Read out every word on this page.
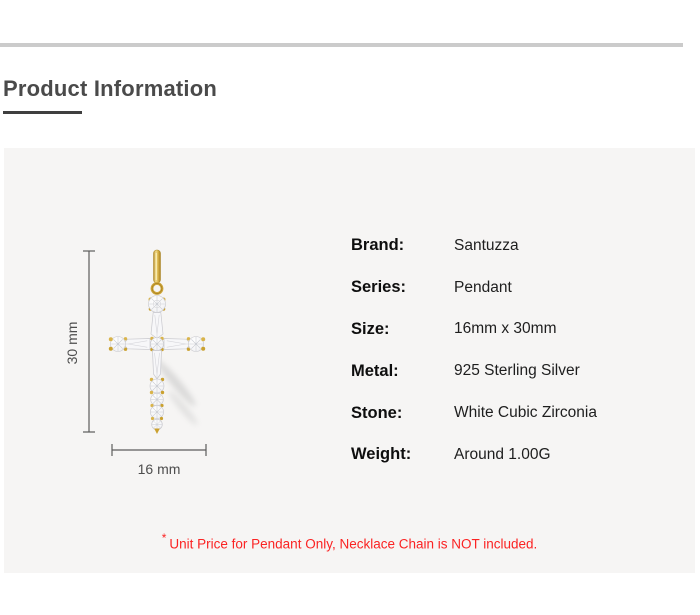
Product Information
30 mm
16 mm
Brand:	Santuzza
Series:	Pendant
Size:	16mm x 30mm
Metal:	925 Sterling Silver
Stone:	White Cubic Zirconia
Weight:	Around 1.00G
* Unit Price for Pendant Only, Necklace Chain is NOT included.
